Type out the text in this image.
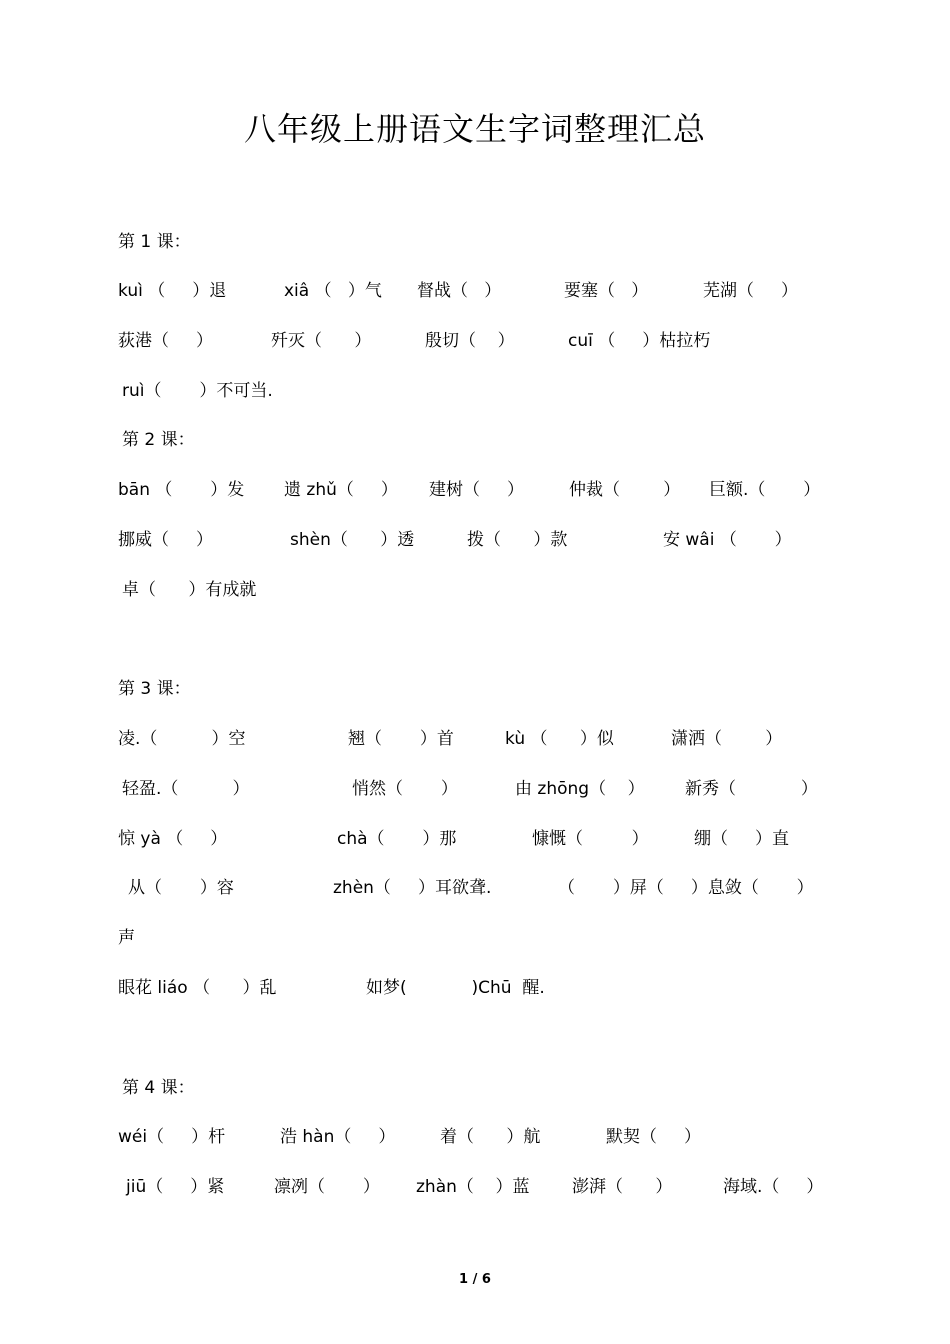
八年级上册语文生字词整理汇总
第 1 课：

kuì （     ）退

	xiâ （   ）气

督战（   ）

	要塞（   ）

	芜湖（     ）

荻港（     ）

	歼灭（      ）

	殷切（    ）

	cuī （     ）枯拉朽

ruì（       ）不可当.

第 2 课：

bān （       ）发

遗 zhǔ（     ）

建树（     ）

	仲裁（        ）

巨额.（       ）

挪威（     ）

	shèn（      ）透

	拨（      ）款

	安 wâi （       ）

卓（      ）有成就

第 3 课：

凌.（          ）空

	翘（       ）首

	kù （      ）似

	潇洒（        ）

轻盈.（          ）

	悄然（       ）

	由 zhōng（    ）

新秀（            ）

惊 yà （     ）

	chà（       ）那

	慷慨（         ）

	绷（     ）直

从（       ）容

	zhèn（     ）耳欲聋.

	（       ）屏（     ）息敛（       ）

声

眼花 liáo （      ）乱

	如梦(            )Chū  醒.

第 4 课：

wéi（     ）杆

	浩 hàn（     ）

	着（      ）航

	默契（     ）

jiū（     ）紧

	凛冽（       ）

zhàn（    ）蓝

澎湃（      ）

	海域.（     ）

1 / 6
